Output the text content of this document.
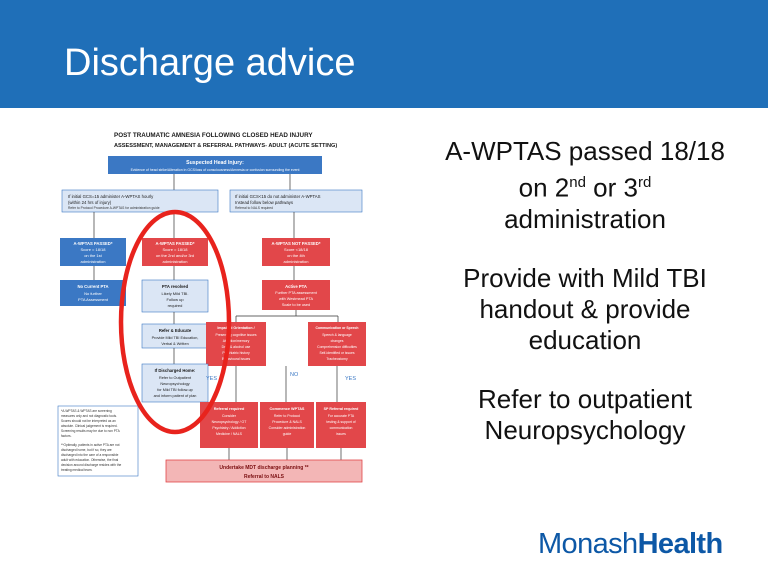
Discharge advice
POST TRAUMATIC AMNESIA FOLLOWING CLOSED HEAD INJURY
ASSESSMENT, MANAGEMENT & REFERRAL PATHWAYS- ADULT (ACUTE SETTING)
Suspected Head Injury:
Evidence of head strike/Alteration in GCS/loss of consciousness/Amnesia or confusion surrounding the event
If initial GCS=15 administer A-WPTAS hourly
(within 24 hrs of injury)
Refer to Protocol Procedure A-WPTAS for administration guide
If initial GCS<15 do not administer A-WPTAS
Instead follow below pathways
Referral to NALS required
A-WPTAS PASSED*
Score = 18/18
on the 1st
administration
A-WPTAS PASSED*
Score = 18/18
on the 2nd and/or 3rd
administration
A-WPTAS NOT PASSED*
Score <18/18
on the 4th
administration
No Current PTA
No further
PTA Assessment
PTA resolved
Likely Mild TBI.
Follow up
required
Active PTA
Further PTA assessment
with Westmead PTA
Scale to be used
Refer & Educate
Provide Mild TBI Education,
Verbal & Written
Impaired Orientation /
Presenting cognitive issues
Attention/memory
Drug & alcohol use
Psychiatric history
Behavioural issues
Communication or Speech
Speech & language
changes
Comprehension difficulties
Self-identified or issues
Tracheostomy
If Discharged Home:
Refer to Outpatient
Neuropsychology
for Mild TBI follow-up
and inform patient of plan
YES
NO
YES
*A-WPTAS & WPTAS are screening
measures only and not diagnostic tools.
Scores should not be interpreted as an
absolute. Clinical judgement is required.
Screening results may be due to non PTA
factors.
**Optimally, patients in active PTA are not
discharged home, but if so, they are
discharged into the care of a responsible
adult with education. Otherwise, the final
decision around discharge resides with the
treating medical team.
Referral required
Consider
Neuropsychology / OT
Psychiatry / Addiction
Medicine / NALS
Commence WPTAS
Refer to Protocol
Procedure & NALS
Consider administration
guide
SP Referral required
For accurate PTA
testing & support of
communication
issues
Undertake MDT discharge planning **
Referral to NALS
A-WPTAS passed 18/18
on 2nd or 3rd
administration
Provide with Mild TBI
handout & provide
education
Refer to outpatient
Neuropsychology
MonashHealth
